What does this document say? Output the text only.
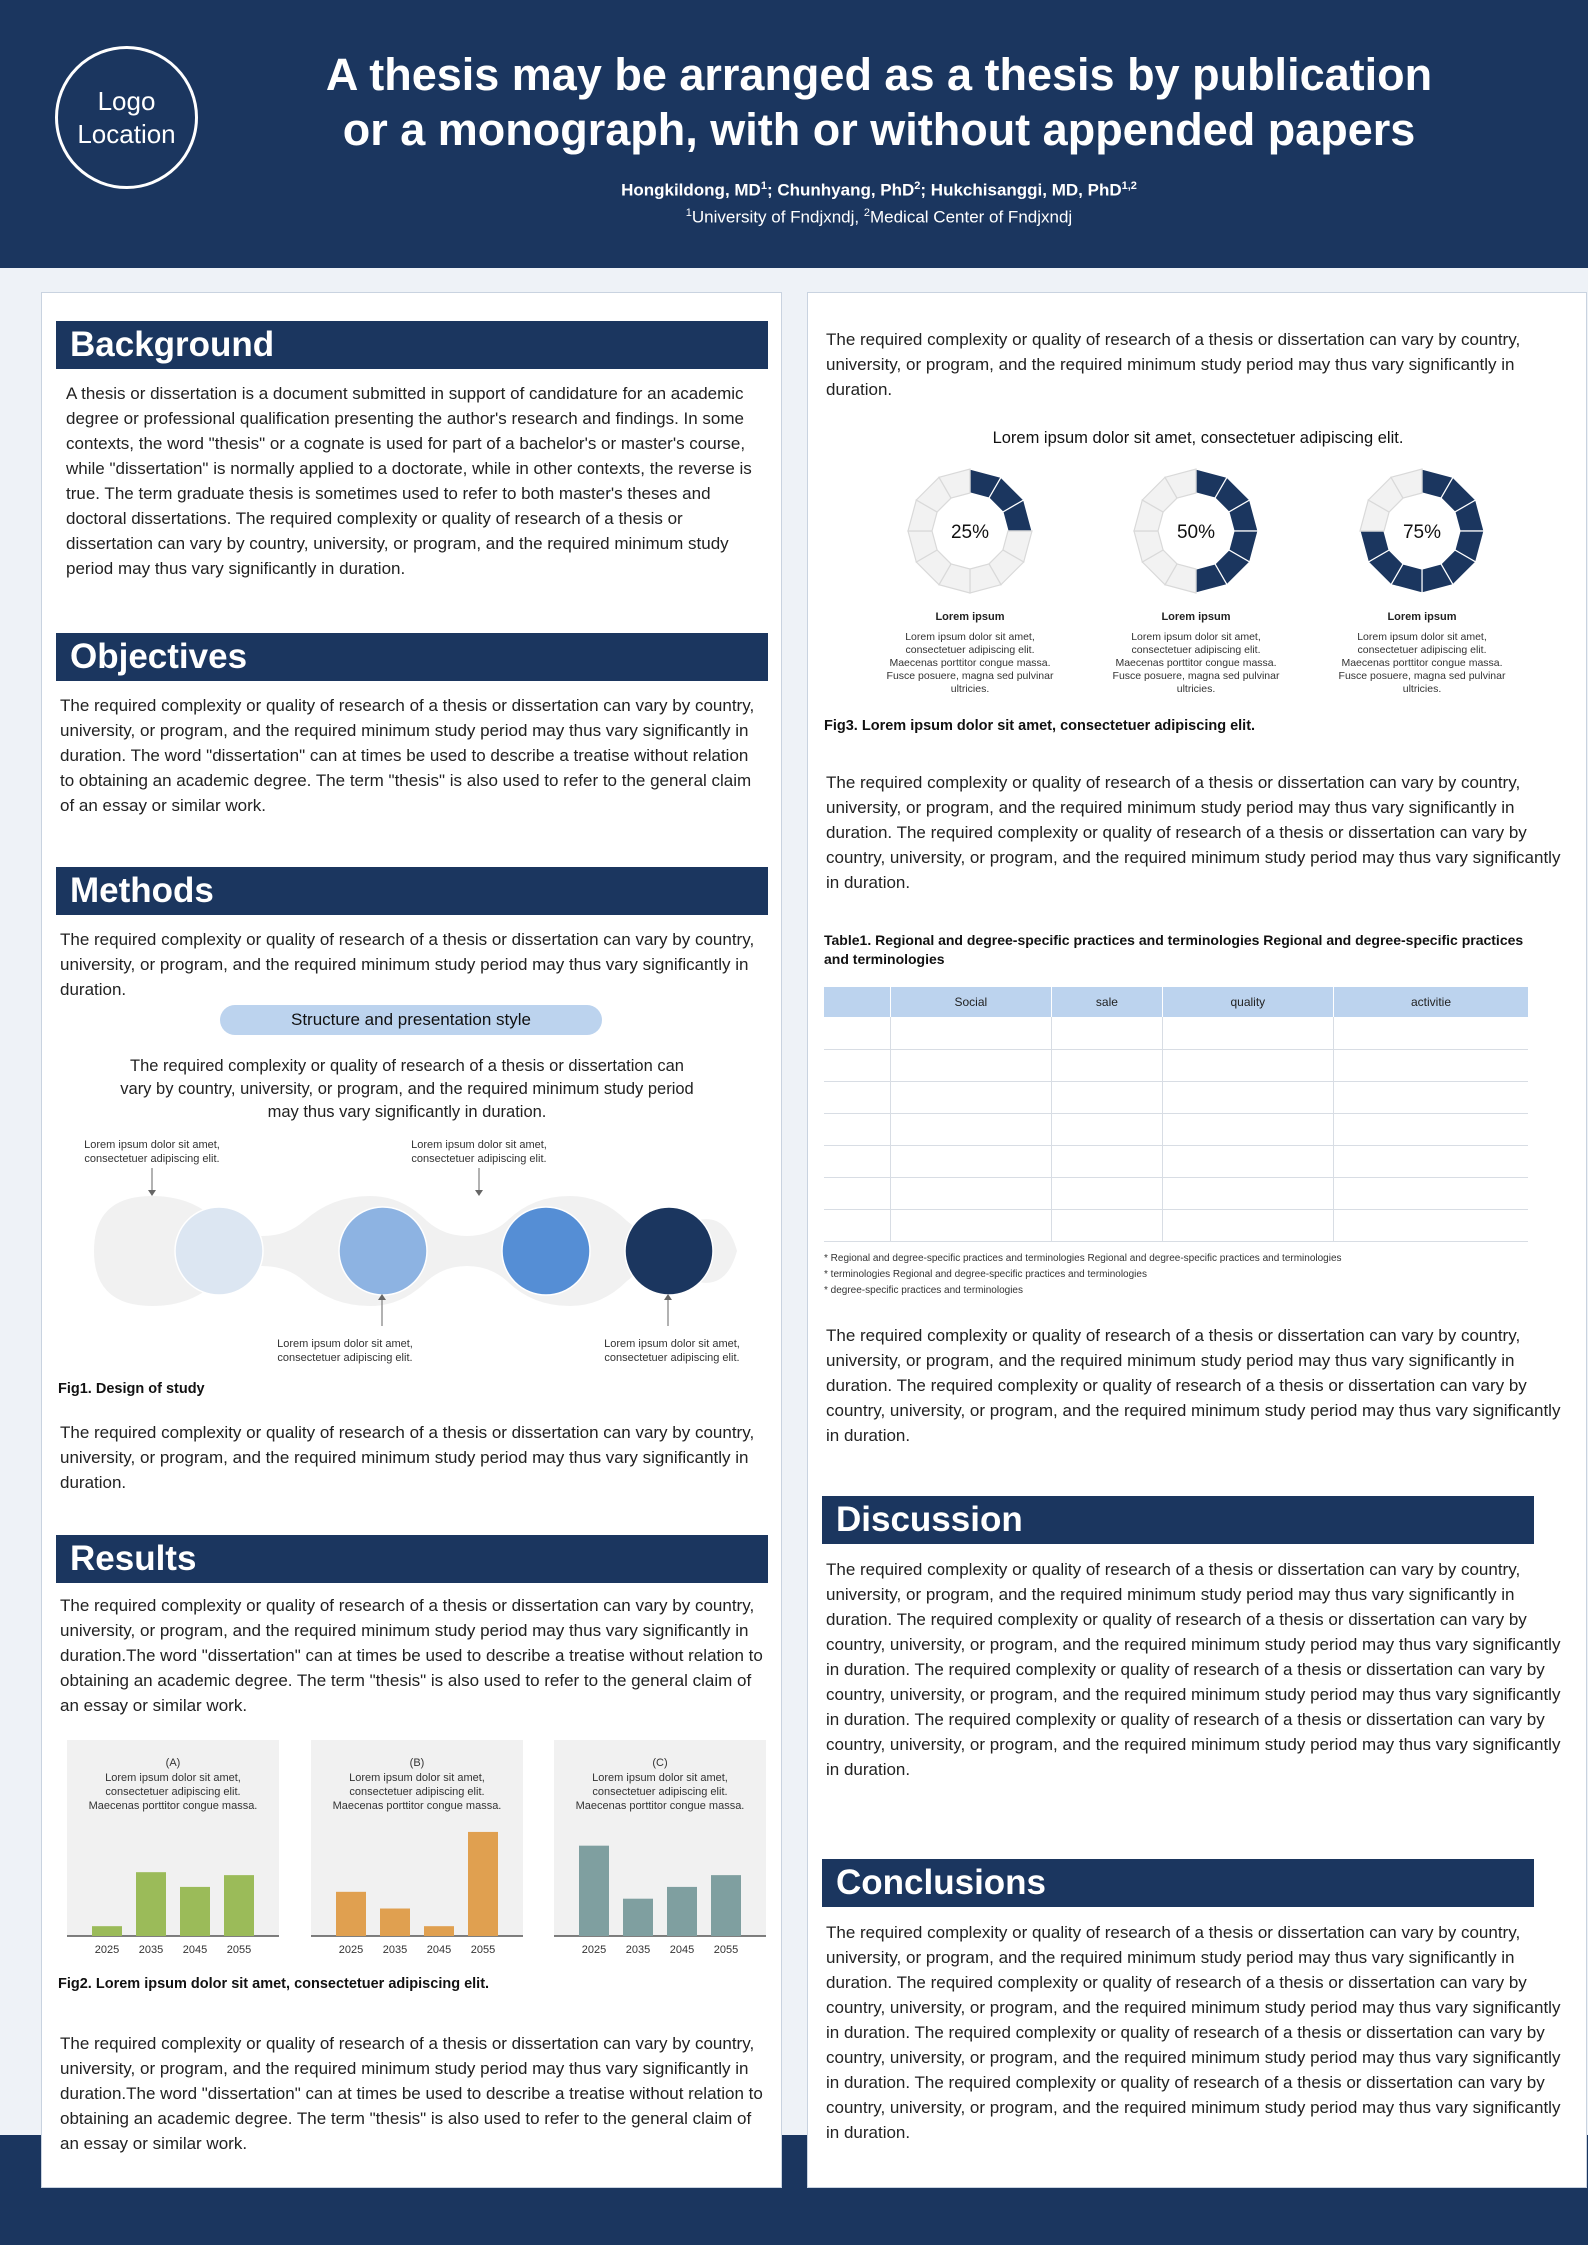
Logo Location
A thesis may be arranged as a thesis by publication
or a monograph, with or without appended papers
Hongkildong, $MD^1$; Chunhyang, PhD$^2$; Hukchisanggi, MD, PhD$^{1,2}$
$^1$University of Fndjxndj, $^2$Medical Center of Fndjxndj
Background
A thesis or dissertation is a document submitted in support of candidature for an academic degree or professional qualification presenting the author's research and findings. In some contexts, the word "thesis" or a cognate is used for part of a bachelor's or master's course, while "dissertation" is normally applied to a doctorate, while in other contexts, the reverse is true. The term graduate thesis is sometimes used to refer to both master's theses and doctoral dissertations. The required complexity or quality of research of a thesis or dissertation can vary by country, university, or program, and the required minimum study period may thus vary significantly in duration.
Objectives
The required complexity or quality of research of a thesis or dissertation can vary by country, university, or program, and the required minimum study period may thus vary significantly in duration. The word "dissertation" can at times be used to describe a treatise without relation to obtaining an academic degree. The term "thesis" is also used to refer to the general claim of an essay or similar work.
Methods
The required complexity or quality of research of a thesis or dissertation can vary by country, university, or program, and the required minimum study period may thus vary significantly in duration.
Structure and presentation style
The required complexity or quality of research of a thesis or dissertation can vary by country, university, or program, and the required minimum study period may thus vary significantly in duration.
Lorem ipsum dolor sit amet, consectetuer adipiscing elit.
Lorem ipsum dolor sit amet, consectetuer adipiscing elit.
Lorem ipsum dolor sit amet, consectetuer adipiscing elit.
Lorem ipsum dolor sit amet, consectetuer adipiscing elit.
Fig1. Design of study
The required complexity or quality of research of a thesis or dissertation can vary by country, university, or program, and the required minimum study period may thus vary significantly in duration.
Results
The required complexity or quality of research of a thesis or dissertation can vary by country, university, or program, and the required minimum study period may thus vary significantly in duration.The word "dissertation" can at times be used to describe a treatise without relation to obtaining an academic degree. The term "thesis" is also used to refer to the general claim of an essay or similar work.
(A)
Lorem ipsum dolor sit amet, consectetuer adipiscing elit. Maecenas porttitor congue massa.
2025 2035 2045 2055
(B)
Lorem ipsum dolor sit amet, consectetuer adipiscing elit. Maecenas porttitor congue massa.
2025 2035 2045 2055
(C)
Lorem ipsum dolor sit amet, consectetuer adipiscing elit. Maecenas porttitor congue massa.
2025 2035 2045 2055
Fig2. Lorem ipsum dolor sit amet, consectetuer adipiscing elit.
The required complexity or quality of research of a thesis or dissertation can vary by country, university, or program, and the required minimum study period may thus vary significantly in duration.The word "dissertation" can at times be used to describe a treatise without relation to obtaining an academic degree. The term "thesis" is also used to refer to the general claim of an essay or similar work.
The required complexity or quality of research of a thesis or dissertation can vary by country, university, or program, and the required minimum study period may thus vary significantly in duration.
Lorem ipsum dolor sit amet, consectetuer adipiscing elit.
25%	50%	75%
Lorem ipsum	Lorem ipsum	Lorem ipsum
Lorem ipsum dolor sit amet, consectetuer adipiscing elit. Maecenas porttitor congue massa. Fusce posuere, magna sed pulvinar ultricies.
Lorem ipsum dolor sit amet, consectetuer adipiscing elit. Maecenas porttitor congue massa. Fusce posuere, magna sed pulvinar ultricies.
Lorem ipsum dolor sit amet, consectetuer adipiscing elit. Maecenas porttitor congue massa. Fusce posuere, magna sed pulvinar ultricies.
Fig3. Lorem ipsum dolor sit amet, consectetuer adipiscing elit.
The required complexity or quality of research of a thesis or dissertation can vary by country, university, or program, and the required minimum study period may thus vary significantly in duration. The required complexity or quality of research of a thesis or dissertation can vary by country, university, or program, and the required minimum study period may thus vary significantly in duration.
Table1. Regional and degree-specific practices and terminologies Regional and degree-specific practices and terminologies
	Social	sale	quality	activitie

* Regional and degree-specific practices and terminologies Regional and degree-specific practices and terminologies
* terminologies Regional and degree-specific practices and terminologies
* degree-specific practices and terminologies
The required complexity or quality of research of a thesis or dissertation can vary by country, university, or program, and the required minimum study period may thus vary significantly in duration. The required complexity or quality of research of a thesis or dissertation can vary by country, university, or program, and the required minimum study period may thus vary significantly in duration.
Discussion
The required complexity or quality of research of a thesis or dissertation can vary by country, university, or program, and the required minimum study period may thus vary significantly in duration. The required complexity or quality of research of a thesis or dissertation can vary by country, university, or program, and the required minimum study period may thus vary significantly in duration. The required complexity or quality of research of a thesis or dissertation can vary by country, university, or program, and the required minimum study period may thus vary significantly in duration. The required complexity or quality of research of a thesis or dissertation can vary by country, university, or program, and the required minimum study period may thus vary significantly in duration.
Conclusions
The required complexity or quality of research of a thesis or dissertation can vary by country, university, or program, and the required minimum study period may thus vary significantly in duration. The required complexity or quality of research of a thesis or dissertation can vary by country, university, or program, and the required minimum study period may thus vary significantly in duration. The required complexity or quality of research of a thesis or dissertation can vary by country, university, or program, and the required minimum study period may thus vary significantly in duration. The required complexity or quality of research of a thesis or dissertation can vary by country, university, or program, and the required minimum study period may thus vary significantly in duration.
